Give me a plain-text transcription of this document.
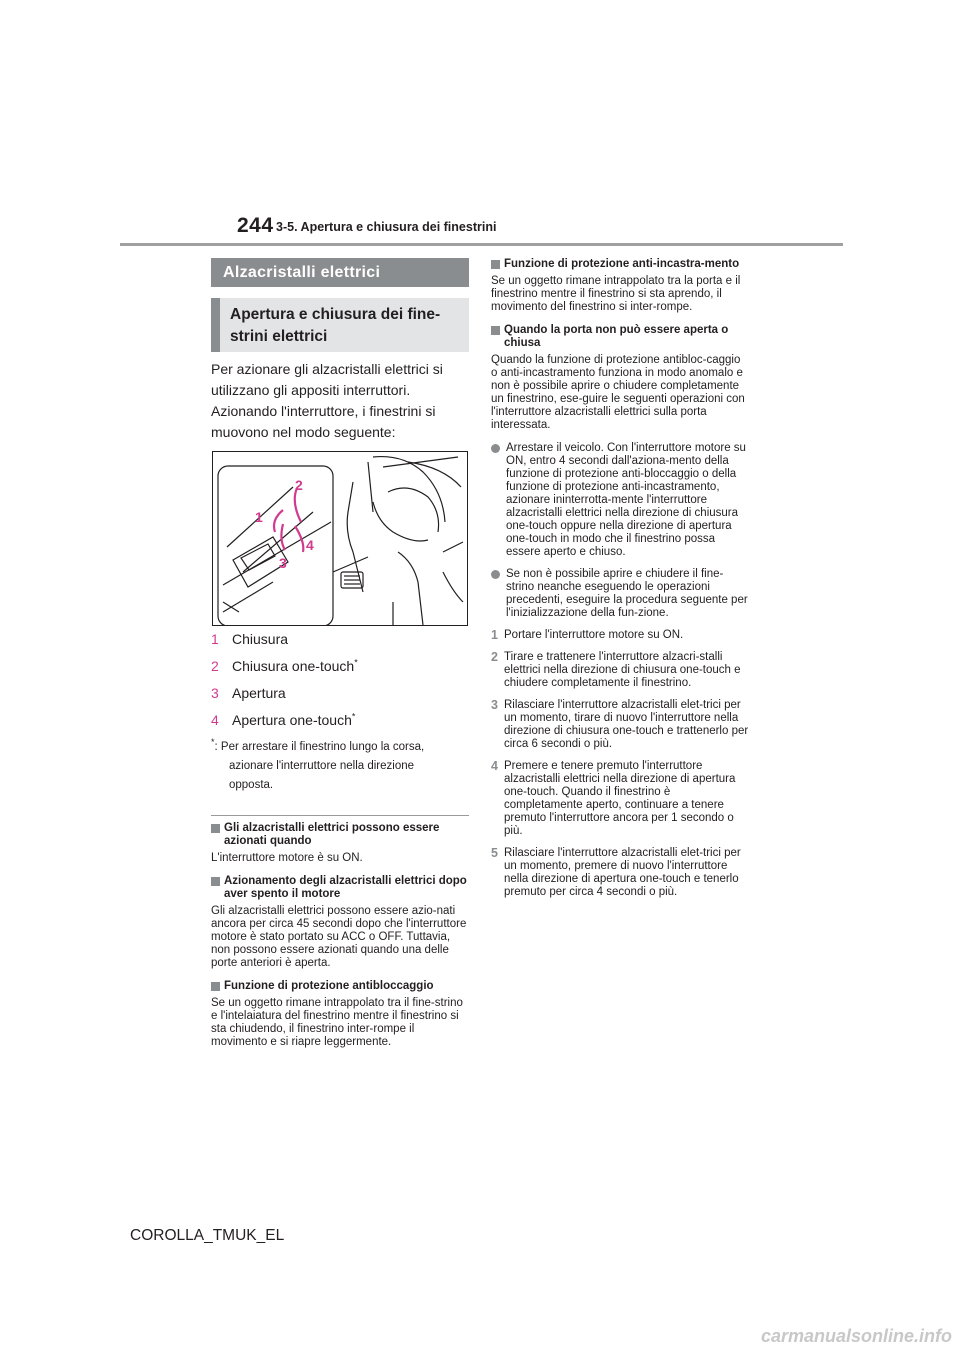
244 3-5. Apertura e chiusura dei finestrini
Alzacristalli elettrici
Apertura e chiusura dei fine-
strini elettrici
Per azionare gli alzacristalli elettrici si
utilizzano gli appositi interruttori.
Azionando l'interruttore, i finestrini si
muovono nel modo seguente:
1
2
3
4
1 Chiusura
2 Chiusura one-touch*
3 Apertura
4 Apertura one-touch*
*: Per arrestare il finestrino lungo la corsa,
azionare l'interruttore nella direzione
opposta.
Gli alzacristalli elettrici possono essere azionati quando
L'interruttore motore è su ON.
Azionamento degli alzacristalli elettrici dopo aver spento il motore
Gli alzacristalli elettrici possono essere azio-nati ancora per circa 45 secondi dopo che l'interruttore motore è stato portato su ACC o OFF. Tuttavia, non possono essere azionati quando una delle porte anteriori è aperta.
Funzione di protezione antibloccaggio
Se un oggetto rimane intrappolato tra il fine-strino e l'intelaiatura del finestrino mentre il finestrino si sta chiudendo, il finestrino inter-rompe il movimento e si riapre leggermente.
Funzione di protezione anti-incastra-mento
Se un oggetto rimane intrappolato tra la porta e il finestrino mentre il finestrino si sta aprendo, il movimento del finestrino si inter-rompe.
Quando la porta non può essere aperta o chiusa
Quando la funzione di protezione antibloc-caggio o anti-incastramento funziona in modo anomalo e non è possibile aprire o chiudere completamente un finestrino, ese-guire le seguenti operazioni con l'interruttore alzacristalli elettrici sulla porta interessata.
Arrestare il veicolo. Con l'interruttore motore su ON, entro 4 secondi dall'aziona-mento della funzione di protezione anti-bloccaggio o della funzione di protezione anti-incastramento, azionare ininterrotta-mente l'interruttore alzacristalli elettrici nella direzione di chiusura one-touch oppure nella direzione di apertura one-touch in modo che il finestrino possa essere aperto e chiuso.
Se non è possibile aprire e chiudere il fine-strino neanche eseguendo le operazioni precedenti, eseguire la procedura seguente per l'inizializzazione della fun-zione.
1 Portare l'interruttore motore su ON.
2 Tirare e trattenere l'interruttore alzacri-stalli elettrici nella direzione di chiusura one-touch e chiudere completamente il finestrino.
3 Rilasciare l'interruttore alzacristalli elet-trici per un momento, tirare di nuovo l'interruttore nella direzione di chiusura one-touch e trattenerlo per circa 6 secondi o più.
4 Premere e tenere premuto l'interruttore alzacristalli elettrici nella direzione di apertura one-touch. Quando il finestrino è completamente aperto, continuare a tenere premuto l'interruttore ancora per 1 secondo o più.
5 Rilasciare l'interruttore alzacristalli elet-trici per un momento, premere di nuovo l'interruttore nella direzione di apertura one-touch e tenerlo premuto per circa 4 secondi o più.
COROLLA_TMUK_EL
carmanualsonline.info
